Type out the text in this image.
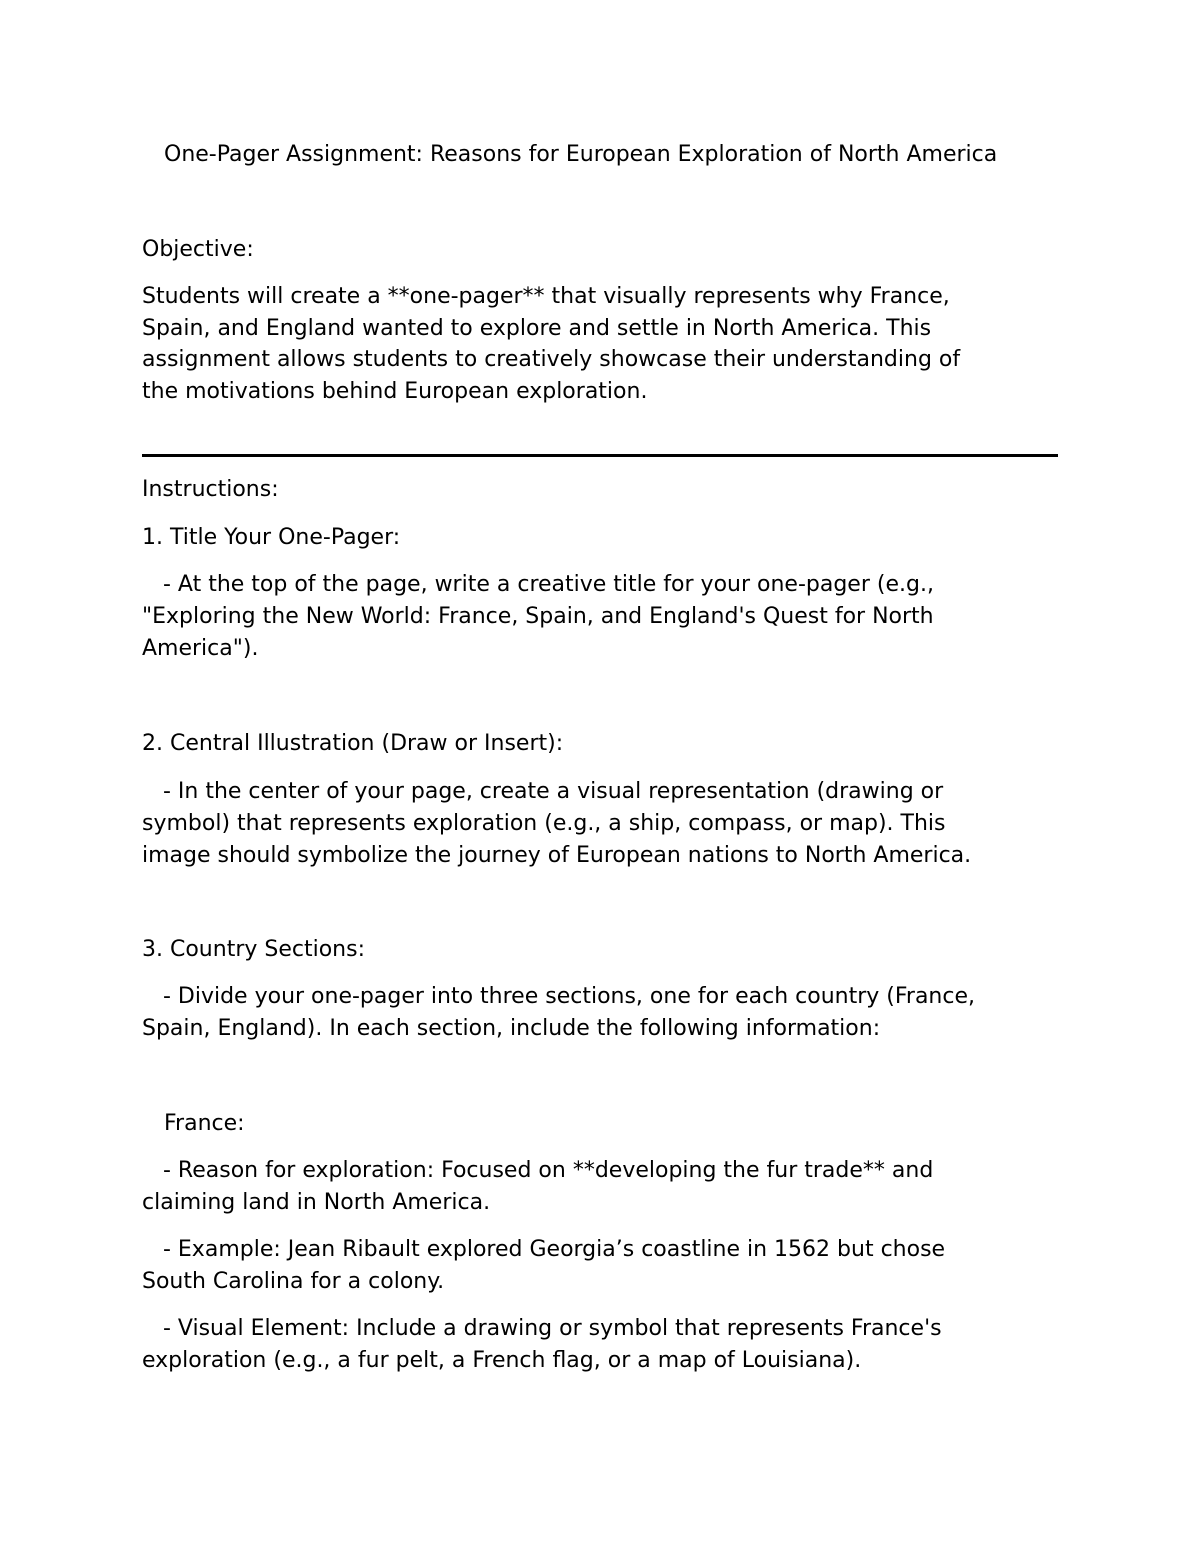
One-Pager Assignment: Reasons for European Exploration of North America

Objective:

Students will create a **one-pager** that visually represents why France,

Spain, and England wanted to explore and settle in North America. This

assignment allows students to creatively showcase their understanding of

the motivations behind European exploration.

Instructions:

1. Title Your One-Pager:

- At the top of the page, write a creative title for your one-pager (e.g.,

"Exploring the New World: France, Spain, and England's Quest for North

America").

2. Central Illustration (Draw or Insert):

- In the center of your page, create a visual representation (drawing or

symbol) that represents exploration (e.g., a ship, compass, or map). This

image should symbolize the journey of European nations to North America.

3. Country Sections:

- Divide your one-pager into three sections, one for each country (France,

Spain, England). In each section, include the following information:

France:

- Reason for exploration: Focused on **developing the fur trade** and

claiming land in North America.

- Example: Jean Ribault explored Georgia’s coastline in 1562 but chose

South Carolina for a colony.

- Visual Element: Include a drawing or symbol that represents France's

exploration (e.g., a fur pelt, a French flag, or a map of Louisiana).
